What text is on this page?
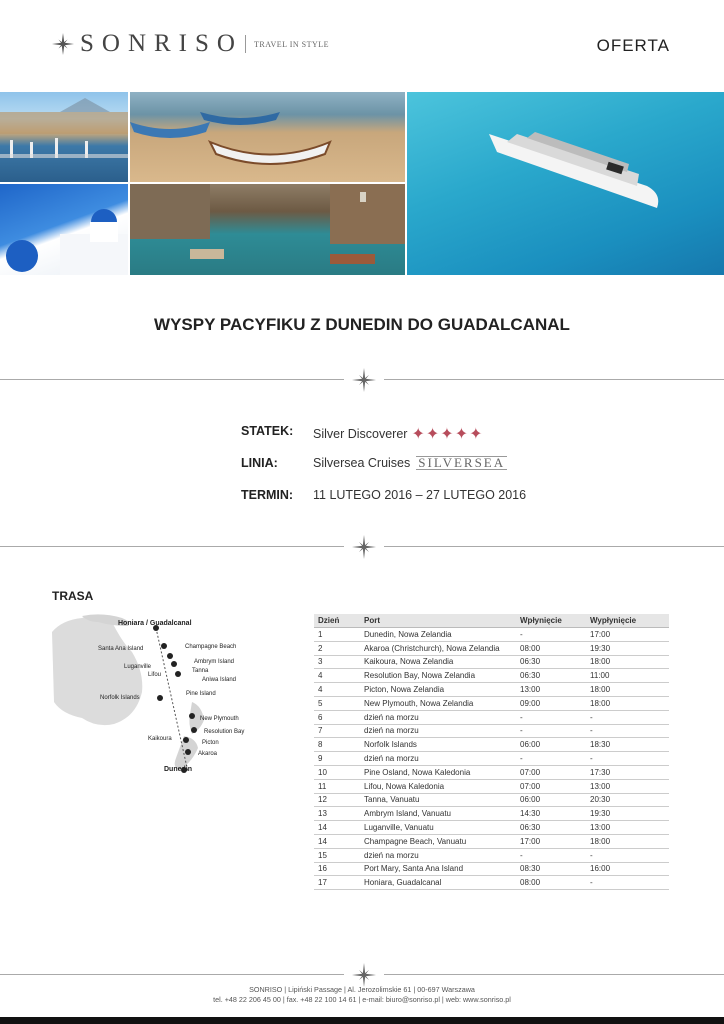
SONRISO TRAVEL IN STYLE	OFERTA
WYSPY PACYFIKU Z DUNEDIN DO GUADALCANAL
STATEK:	Silver Discoverer ✦✦✦✦✦
LINIA:	Silversea Cruises SILVERSEA
TERMIN:	11 LUTEGO 2016 – 27 LUTEGO 2016
TRASA
Honiara / Guadalcanal
Santa Ana Island	Champagne Beach
Ambrym Island
Luganville
Tanna
Lifou
Aniwa Island
Pine Island
Norfolk Islands
New Plymouth
Resolution Bay
Kaikoura
Picton
Akaroa
Dunedin
Dzień	Port	Wpłynięcie	Wypłynięcie
1	Dunedin, Nowa Zelandia	-	17:00
2	Akaroa (Christchurch), Nowa Zelandia	08:00	19:30
3	Kaikoura, Nowa Zelandia	06:30	18:00
4	Resolution Bay, Nowa Zelandia	06:30	11:00
4	Picton, Nowa Zelandia	13:00	18:00
5	New Plymouth, Nowa Zelandia	09:00	18:00
6	dzień na morzu	-	-
7	dzień na morzu	-	-
8	Norfolk Islands	06:00	18:30
9	dzień na morzu	-	-
10	Pine Osland, Nowa Kaledonia	07:00	17:30
11	Lifou, Nowa Kaledonia	07:00	13:00
12	Tanna, Vanuatu	06:00	20:30
13	Ambrym Island, Vanuatu	14:30	19:30
14	Luganville, Vanuatu	06:30	13:00
14	Champagne Beach, Vanuatu	17:00	18:00
15	dzień na morzu	-	-
16	Port Mary, Santa Ana Island	08:30	16:00
17	Honiara, Guadalcanal	08:00	-
SONRISO | Lipiński Passage | Al. Jerozolimskie 61 | 00-697 Warszawa
tel. +48 22 206 45 00 | fax. +48 22 100 14 61 | e-mail: biuro@sonriso.pl | web: www.sonriso.pl
